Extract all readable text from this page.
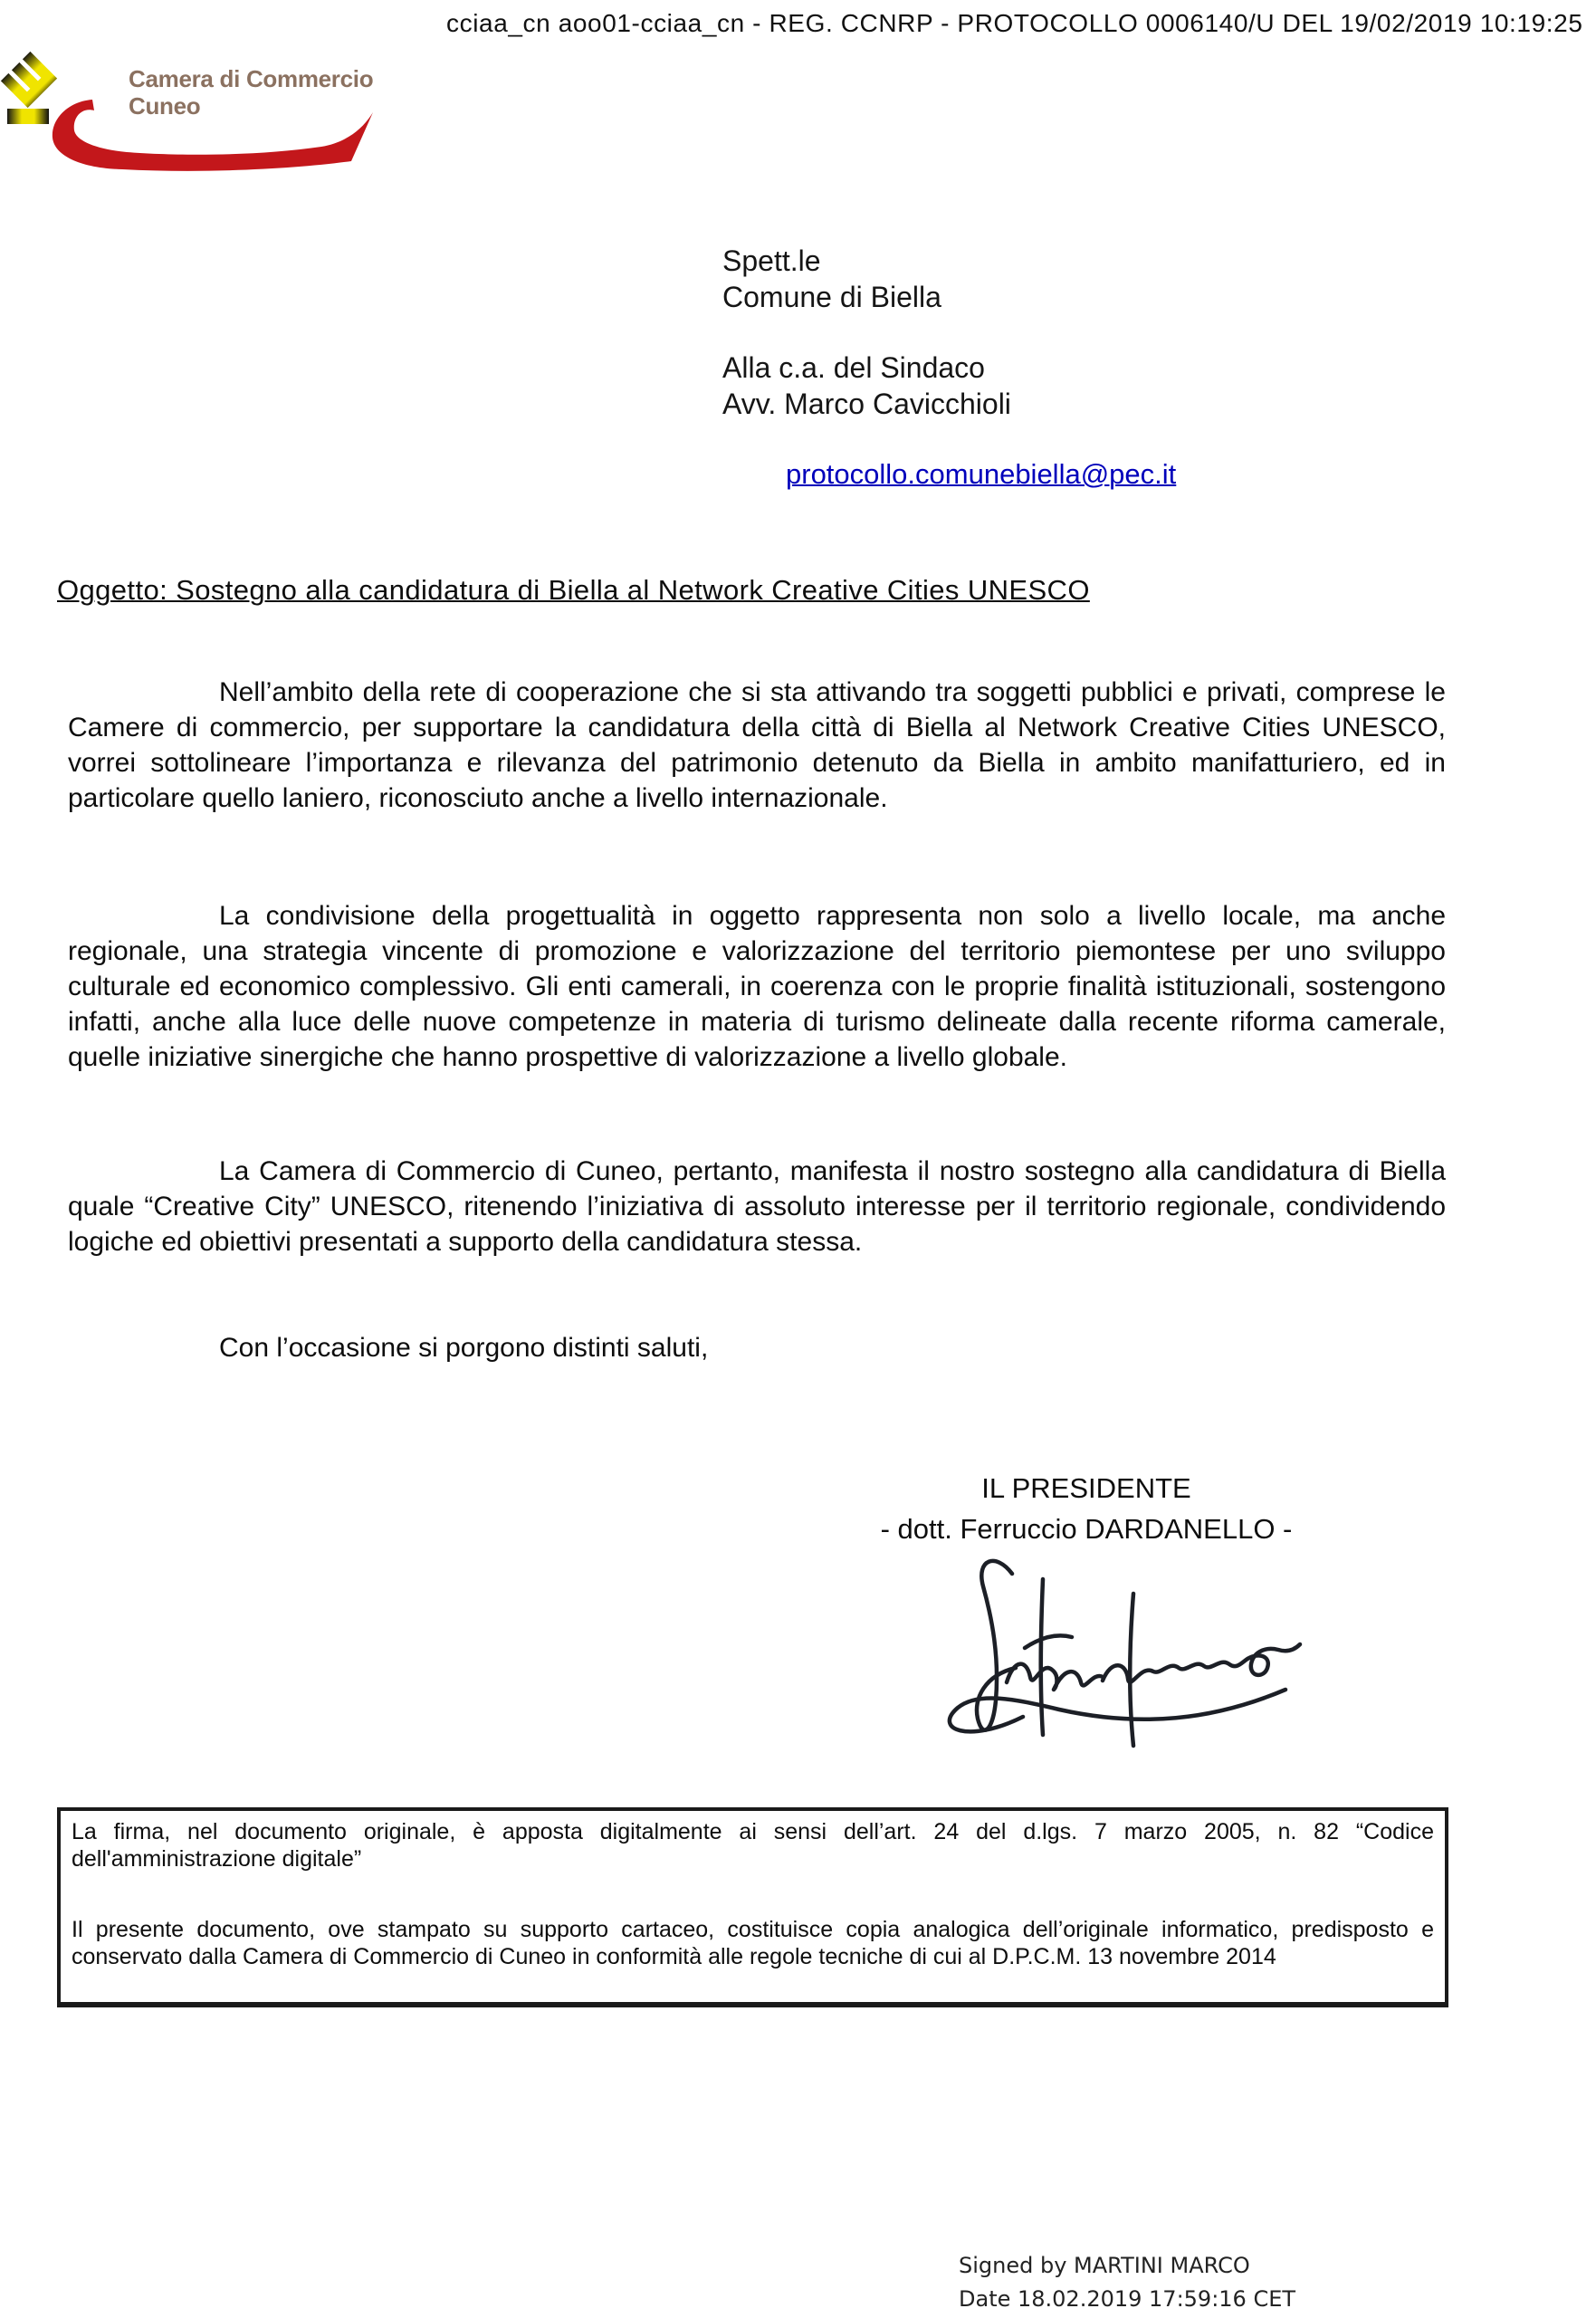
cciaa_cn aoo01-cciaa_cn - REG. CCNRP - PROTOCOLLO 0006140/U DEL 19/02/2019 10:19:25
Camera di Commercio
Cuneo
Spett.le
Comune di Biella
Alla c.a. del Sindaco
Avv. Marco Cavicchioli
protocollo.comunebiella@pec.it
Oggetto: Sostegno alla candidatura di Biella al Network Creative Cities UNESCO

Nell’ambito della rete di cooperazione che si sta attivando tra soggetti pubblici e privati, comprese le Camere di commercio, per supportare la candidatura della città di Biella al Network Creative Cities UNESCO, vorrei sottolineare l’importanza e rilevanza del patrimonio detenuto da Biella in ambito manifatturiero, ed in particolare quello laniero, riconosciuto anche a livello internazionale.

La condivisione della progettualità in oggetto rappresenta non solo a livello locale, ma anche regionale, una strategia vincente di promozione e valorizzazione del territorio piemontese per uno sviluppo culturale ed economico complessivo. Gli enti camerali, in coerenza con le proprie finalità istituzionali, sostengono infatti, anche alla luce delle nuove competenze in materia di turismo delineate dalla recente riforma camerale, quelle iniziative sinergiche che hanno prospettive di valorizzazione a livello globale.

La Camera di Commercio di Cuneo, pertanto, manifesta il nostro sostegno alla candidatura di Biella quale “Creative City” UNESCO, ritenendo l’iniziativa di assoluto interesse per il territorio regionale, condividendo logiche ed obiettivi presentati a supporto della candidatura stessa.

Con l’occasione si porgono distinti saluti,

IL PRESIDENTE
- dott. Ferruccio DARDANELLO -

La firma, nel documento originale, è apposta digitalmente ai sensi dell’art. 24 del d.lgs. 7 marzo 2005, n. 82 “Codice dell'amministrazione digitale”

Il presente documento, ove stampato su supporto cartaceo, costituisce copia analogica dell’originale informatico, predisposto e conservato dalla Camera di Commercio di Cuneo in conformità alle regole tecniche di cui al D.P.C.M. 13 novembre 2014

Signed by MARTINI MARCO
Date 18.02.2019 17:59:16 CET
